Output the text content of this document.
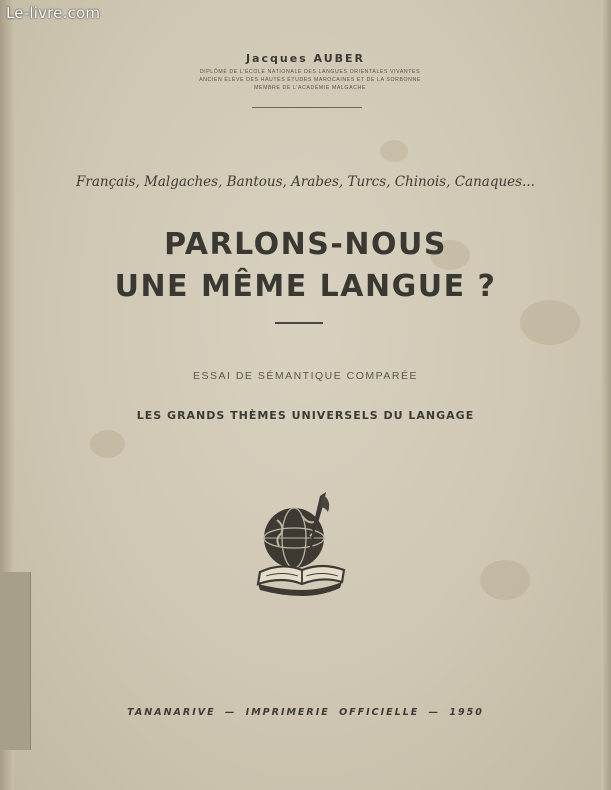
Le-livre.com
Jacques AUBER
DIPLÔMÉ DE L'ÉCOLE NATIONALE DES LANGUES ORIENTALES VIVANTES
ANCIEN ÉLÈVE DES HAUTES ÉTUDES MAROCAINES ET DE LA SORBONNE
MEMBRE DE L'ACADÉMIE MALGACHE
Français, Malgaches, Bantous, Arabes, Turcs, Chinois, Canaques...
PARLONS-NOUS
UNE MÊME LANGUE ?
ESSAI DE SÉMANTIQUE COMPARÉE
LES GRANDS THÈMES UNIVERSELS DU LANGAGE
TANANARIVE — IMPRIMERIE OFFICIELLE — 1950
